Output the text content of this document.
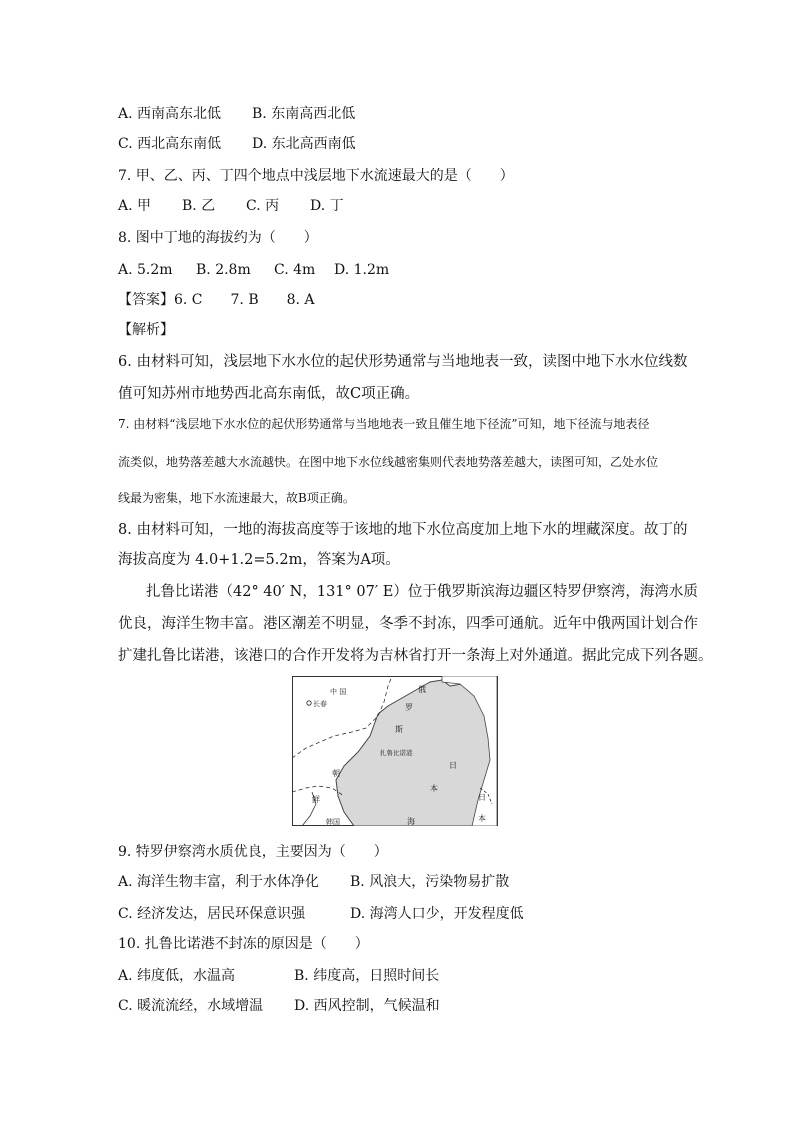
A. 西南高东北低 B. 东南高西北低
C. 西北高东南低 D. 东北高西南低
7. 甲、乙、丙、丁四个地点中浅层地下水流速最大的是（　　）
A. 甲 B. 乙 C. 丙 D. 丁
8. 图中丁地的海拔约为（　　）
A. 5.2m B. 2.8m C. 4m D. 1.2m
【答案】6. C　　7. B　　8. A
【解析】
6. 由材料可知，浅层地下水水位的起伏形势通常与当地地表一致，读图中地下水水位线数
值可知苏州市地势西北高东南低，故C项正确。
7. 由材料“浅层地下水水位的起伏形势通常与当地地表一致且催生地下径流”可知，地下径流与地表径
流类似，地势落差越大水流越快。在图中地下水位线越密集则代表地势落差越大，读图可知，乙处水位
线最为密集，地下水流速最大，故B项正确。
8. 由材料可知，一地的海拔高度等于该地的地下水位高度加上地下水的埋藏深度。故丁的
海拔高度为 4.0+1.2=5.2m，答案为A项。
扎鲁比诺港（42° 40′ N，131° 07′ E）位于俄罗斯滨海边疆区特罗伊察湾，海湾水质
优良，海洋生物丰富。港区潮差不明显，冬季不封冻，四季可通航。近年中俄两国计划合作
扩建扎鲁比诺港，该港口的合作开发将为吉林省打开一条海上对外通道。据此完成下列各题。
中 国
长春
俄
罗
斯
扎鲁比诺港
日
本
朝
鲜
海
韩国
日
本
9. 特罗伊察湾水质优良，主要因为（　　）
A. 海洋生物丰富，利于水体净化 B. 风浪大，污染物易扩散
C. 经济发达，居民环保意识强	D. 海湾人口少，开发程度低
10. 扎鲁比诺港不封冻的原因是（　　）
A. 纬度低，水温高	B. 纬度高，日照时间长
C. 暖流流经，水域增温 D. 西风控制，气候温和
